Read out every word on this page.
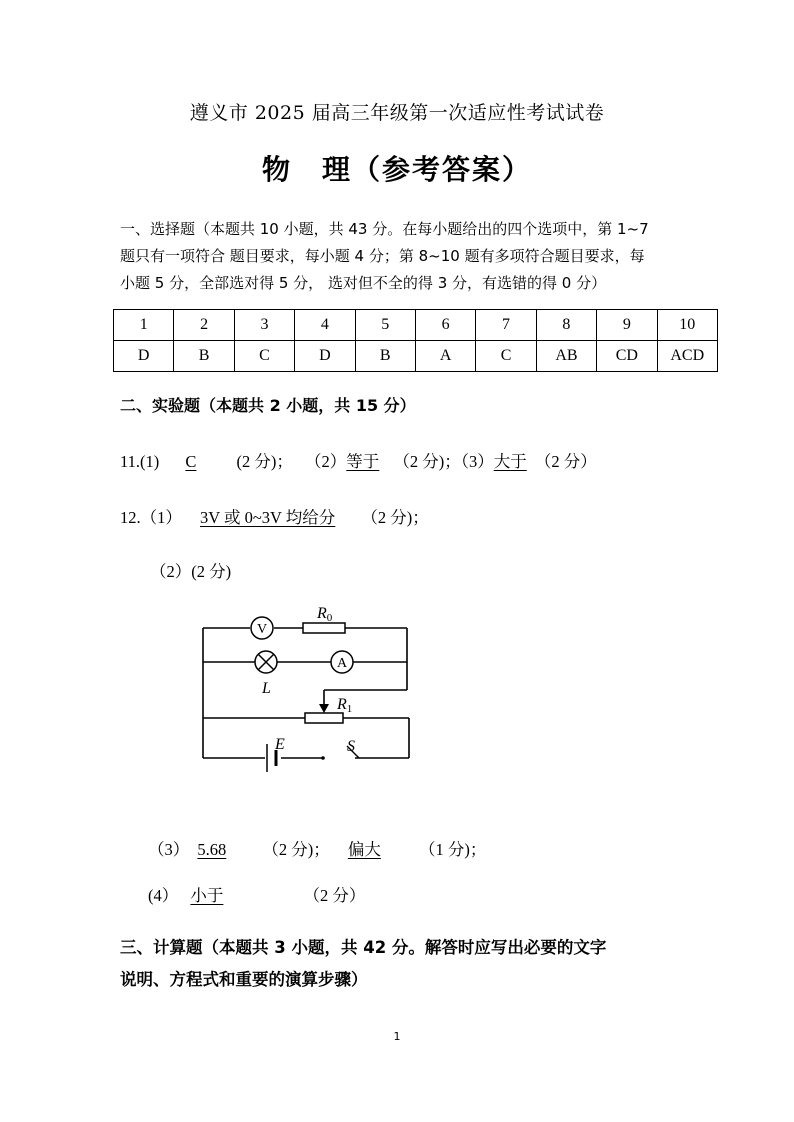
遵义市 2025 届高三年级第一次适应性考试试卷
物　理（参考答案）
一、选择题（本题共 10 小题，共 43 分。在每小题给出的四个选项中，第 1~7
题只有一项符合 题目要求，每小题 4 分；第 8~10 题有多项符合题目要求，每
小题 5 分，全部选对得 5 分， 选对但不全的得 3 分，有选错的得 0 分）
1	2	3	4	5	6	7	8	9	10
D	B	C	D	B	A	C	AB	CD	ACD
二、实验题（本题共 2 小题，共 15 分）
11.(1) C (2 分)； （2）等于 （2 分)；（3）大于 （2 分）
12.（1） 3V 或 0~3V 均给分 （2 分)；
（2）(2 分)
V
R0
L
A
R1
E	S
（3） 5.68 （2 分)； 偏大 （1 分)；
(4） 小于	（2 分）
三、计算题（本题共 3 小题，共 42 分。解答时应写出必要的文字
说明、方程式和重要的演算步骤）
1
